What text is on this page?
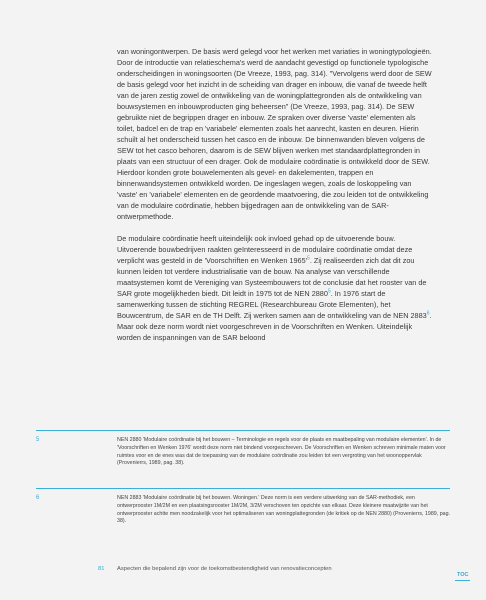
van woningontwerpen. De basis werd gelegd voor het werken met variaties in woningtypologieën. Door de introductie van relatieschema's werd de aandacht gevestigd op functionele typologische onderscheidingen in woningsoorten (De Vreeze, 1993, pag. 314). "Vervolgens werd door de SEW de basis gelegd voor het inzicht in de scheiding van drager en inbouw, die vanaf de tweede helft van de jaren zestig zowel de ontwikkeling van de woningplattegronden als de ontwikkeling van bouwsystemen en inbouwproducten ging beheersen" (De Vreeze, 1993, pag. 314). De SEW gebruikte niet de begrippen drager en inbouw. Ze spraken over diverse 'vaste' elementen als toilet, badcel en de trap en 'variabele' elementen zoals het aanrecht, kasten en deuren. Hierin schuilt al het onderscheid tussen het casco en de inbouw. De binnenwanden bleven volgens de SEW tot het casco behoren, daarom is de SEW blijven werken met standaardplattegronden in plaats van een structuur of een drager. Ook de modulaire coördinatie is ontwikkeld door de SEW. Hierdoor konden grote bouwelementen als gevel- en dakelementen, trappen en binnenwandsystemen ontwikkeld worden. De ingeslagen wegen, zoals de loskoppeling van 'vaste' en 'variabele' elementen en de geordende maatvoering, die zou leiden tot de ontwikkeling van de modulaire coördinatie, hebben bijgedragen aan de ontwikkeling van de SAR-ontwerpmethode.

De modulaire coördinatie heeft uiteindelijk ook invloed gehad op de uitvoerende bouw. Uitvoerende bouwbedrijven raakten geïnteresseerd in de modulaire coördinatie omdat deze verplicht was gesteld in de 'Voorschriften en Wenken $1965'^5$. Zij realiseerden zich dat dit zou kunnen leiden tot verdere industrialisatie van de bouw. Na analyse van verschillende maatsystemen komt de Vereniging van Systeembouwers tot de conclusie dat het rooster van de SAR grote mogelijkheden biedt. Dit leidt in 1975 tot de NEN 2880$^5$. In 1976 start de samenwerking tussen de stichting REGREL (Researchbureau Grote Elementen), het Bouwcentrum, de SAR en de TH Delft. Zij werken samen aan de ontwikkeling van de NEN 2883$^6$. Maar ook deze norm wordt niet voorgeschreven in de Voorschriften en Wenken. Uiteindelijk worden de inspanningen van de SAR beloond

5	NEN 2880 'Modulaire coördinatie bij het bouwen – Terminologie en regels voor de plaats en maatbepaling van modulaire elementen'. In de 'Voorschriften en Wenken 1976' wordt deze norm niet bindend voorgeschreven. De Voorschriften en Wenken schreven minimale maten voor ruimtes voor en de enes was dat de toepassing van de modulaire coördinatie zou leiden tot een vergroting van het woonoppervlak (Provenierrs, 1989, pag. 38).
6	NEN 2883 'Modulaire coördinatie bij het bouwen. Woningen.' Deze norm is een verdere uitwerking van de SAR-methodiek, een ontwerprooster 1M/2M en een plaatsingsrooster 1M/2M, 3/2M verschoven ten opzichte van elkaar. Deze kleinere maatwijzite van het ontwerprooster achtte men noodzakelijk voor het optimaliseren van woningplattegronden (de kritiek op de NEN 2880) (Provenierrs, 1989, pag. 38).
81 Aspecten die bepalend zijn voor de toekomstbestendigheid van renovatieconcepten
TOC
